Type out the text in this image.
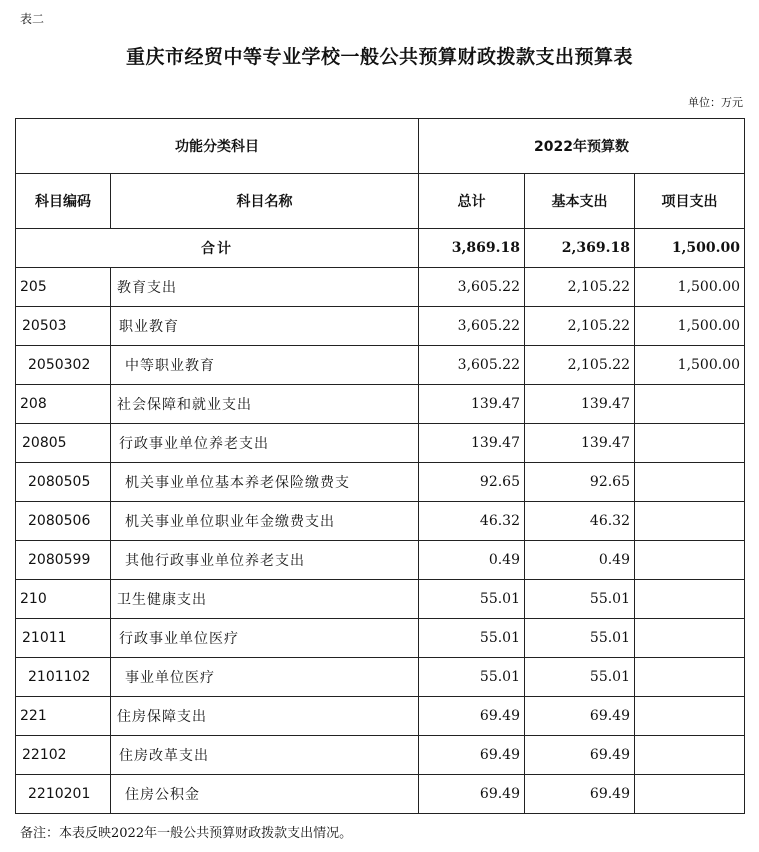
表二
重庆市经贸中等专业学校一般公共预算财政拨款支出预算表
单位：万元
功能分类科目		2022年预算数		
科目编码	科目名称	总计	基本支出	项目支出
合计		3,869.18	2,369.18	1,500.00
205	教育支出	3,605.22	2,105.22	1,500.00
20503	职业教育	3,605.22	2,105.22	1,500.00
2050302	中等职业教育	3,605.22	2,105.22	1,500.00
208	社会保障和就业支出	139.47	139.47	
20805	行政事业单位养老支出	139.47	139.47	
2080505	机关事业单位基本养老保险缴费支	92.65	92.65	
2080506	机关事业单位职业年金缴费支出	46.32	46.32	
2080599	其他行政事业单位养老支出	0.49	0.49	
210	卫生健康支出	55.01	55.01	
21011	行政事业单位医疗	55.01	55.01	
2101102	事业单位医疗	55.01	55.01	
221	住房保障支出	69.49	69.49	
22102	住房改革支出	69.49	69.49	
2210201	住房公积金	69.49	69.49	
备注：本表反映2022年一般公共预算财政拨款支出情况。
